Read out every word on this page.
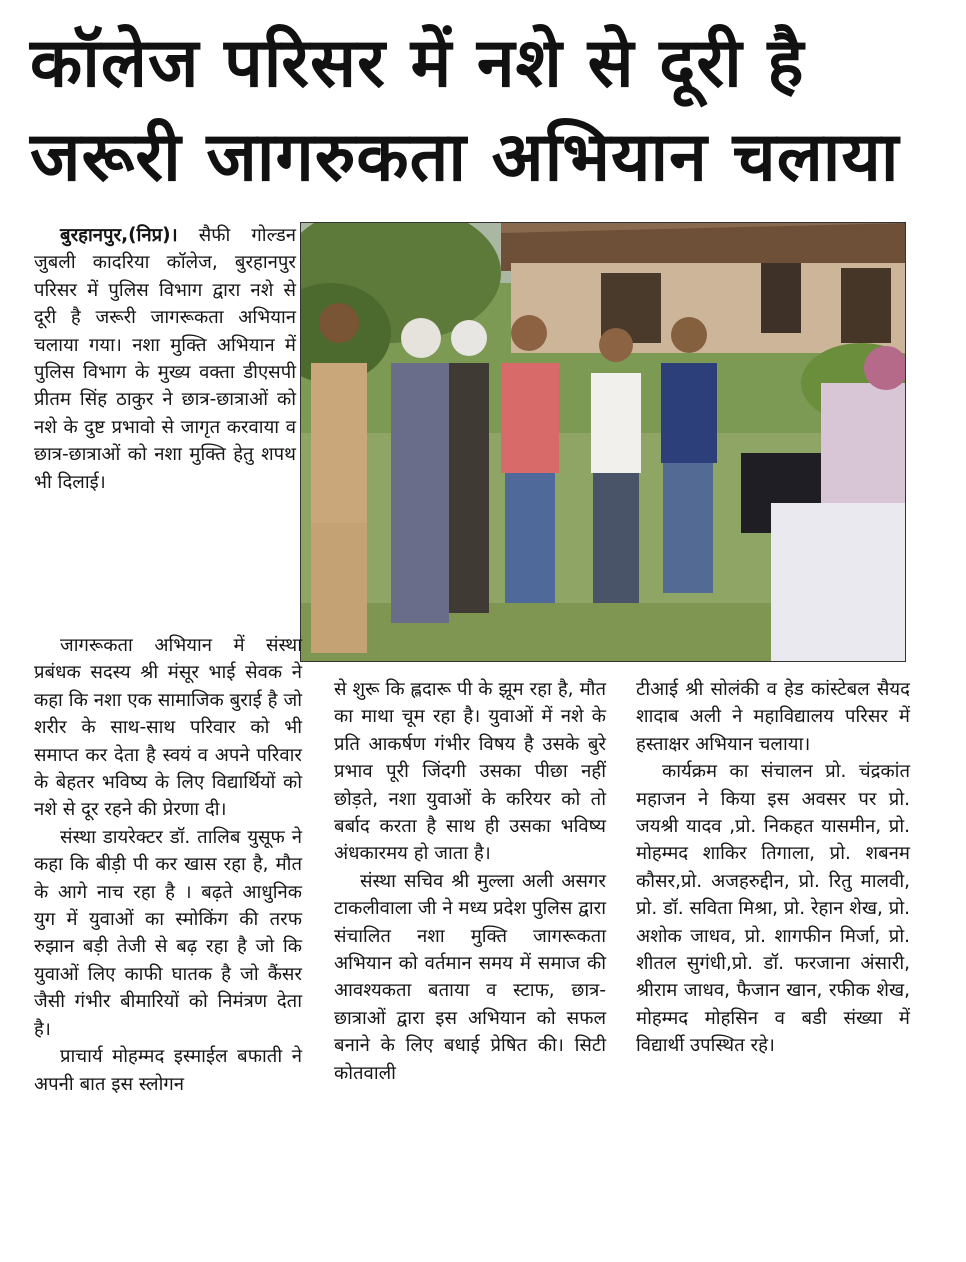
कॉलेज परिसर में नशे से दूरी है
जरूरी जागरुकता अभियान चलाया

बुरहानपुर,(निप्र)। सैफी गोल्डन जुबली कादरिया कॉलेज, बुरहानपुर परिसर में पुलिस विभाग द्वारा नशे से दूरी है जरूरी जागरूकता अभियान चलाया गया। नशा मुक्ति अभियान में पुलिस विभाग के मुख्य वक्ता डीएसपी प्रीतम सिंह ठाकुर ने छात्र-छात्राओं को नशे के दुष्ट प्रभावो से जागृत करवाया व छात्र-छात्राओं को नशा मुक्ति हेतु शपथ भी दिलाई।

जागरूकता अभियान में संस्था प्रबंधक सदस्य श्री मंसूर भाई सेवक ने कहा कि नशा एक सामाजिक बुराई है जो शरीर के साथ-साथ परिवार को भी समाप्त कर देता है स्वयं व अपने परिवार के बेहतर भविष्य के लिए विद्यार्थियों को नशे से दूर रहने की प्रेरणा दी।

संस्था डायरेक्टर डॉ. तालिब युसूफ ने कहा कि बीड़ी पी कर खास रहा है, मौत के आगे नाच रहा है । बढ़ते आधुनिक युग में युवाओं का स्मोकिंग की तरफ रुझान बड़ी तेजी से बढ़ रहा है जो कि युवाओं लिए काफी घातक है जो कैंसर जैसी गंभीर बीमारियों को निमंत्रण देता है।

प्राचार्य मोहम्मद इस्माईल बफाती ने अपनी बात इस स्लोगन

से शुरू कि ह्लदारू पी के झूम रहा है, मौत का माथा चूम रहा है। युवाओं में नशे के प्रति आकर्षण गंभीर विषय है उसके बुरे प्रभाव पूरी जिंदगी उसका पीछा नहीं छोड़ते, नशा युवाओं के करियर को तो बर्बाद करता है साथ ही उसका भविष्य अंधकारमय हो जाता है।

संस्था सचिव श्री मुल्ला अली असगर टाकलीवाला जी ने मध्य प्रदेश पुलिस द्वारा संचालित नशा मुक्ति जागरूकता अभियान को वर्तमान समय में समाज की आवश्यकता बताया व स्टाफ, छात्र-छात्राओं द्वारा इस अभियान को सफल बनाने के लिए बधाई प्रेषित की। सिटी कोतवाली

टीआई श्री सोलंकी व हेड कांस्टेबल सैयद शादाब अली ने महाविद्यालय परिसर में हस्ताक्षर अभियान चलाया।

कार्यक्रम का संचालन प्रो. चंद्रकांत महाजन ने किया इस अवसर पर प्रो. जयश्री यादव ,प्रो. निकहत यासमीन, प्रो. मोहम्मद शाकिर तिगाला, प्रो. शबनम कौसर,प्रो. अजहरुद्दीन, प्रो. रितु मालवी, प्रो. डॉ. सविता मिश्रा, प्रो. रेहान शेख, प्रो. अशोक जाधव, प्रो. शागफीन मिर्जा, प्रो. शीतल सुगंधी,प्रो. डॉ. फरजाना अंसारी, श्रीराम जाधव, फैजान खान, रफीक शेख, मोहम्मद मोहसिन व बडी संख्या में विद्यार्थी उपस्थित रहे।
